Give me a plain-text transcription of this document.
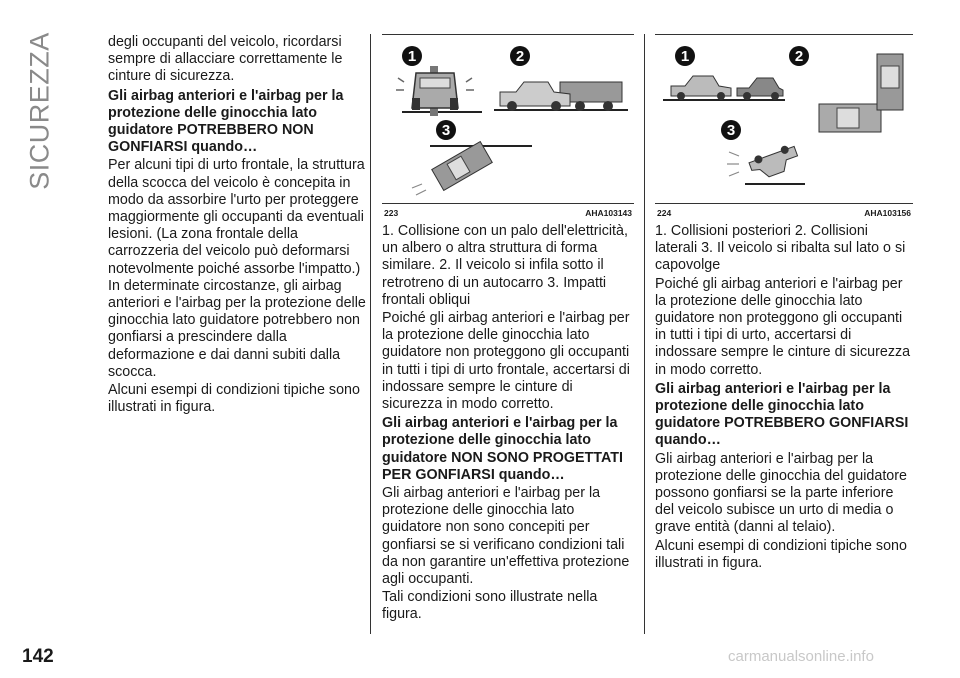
SICUREZZA	degli occupanti del veicolo, ricordarsi sempre di allacciare correttamente le cinture di sicurezza.

Gli airbag anteriori e l'airbag per la protezione delle ginocchia lato guidatore POTREBBERO NON GONFIARSI quando…

Per alcuni tipi di urto frontale, la struttura della scocca del veicolo è concepita in modo da assorbire l'urto per proteggere maggiormente gli occupanti da eventuali lesioni. (La zona frontale della carrozzeria del veicolo può deformarsi notevolmente poiché assorbe l'impatto.) In determinate circostanze, gli airbag anteriori e l'airbag per la protezione delle ginocchia lato guidatore potrebbero non gonfiarsi a prescindere dalla deformazione e dai danni subiti dalla scocca.

Alcuni esempi di condizioni tipiche sono illustrati in figura.

1	2
3
223	AHA103143

1. Collisione con un palo dell'elettricità, un albero o altra struttura di forma similare. 2. Il veicolo si infila sotto il retrotreno di un autocarro 3. Impatti frontali obliqui

Poiché gli airbag anteriori e l'airbag per la protezione delle ginocchia lato guidatore non proteggono gli occupanti in tutti i tipi di urto frontale, accertarsi di indossare sempre le cinture di sicurezza in modo corretto.

Gli airbag anteriori e l'airbag per la protezione delle ginocchia lato guidatore NON SONO PROGETTATI PER GONFIARSI quando…

Gli airbag anteriori e l'airbag per la protezione delle ginocchia lato guidatore non sono concepiti per gonfiarsi se si verificano condizioni tali da non garantire un'effettiva protezione agli occupanti.

Tali condizioni sono illustrate nella figura.

1	2
3
224	AHA103156

1. Collisioni posteriori 2. Collisioni laterali 3. Il veicolo si ribalta sul lato o si capovolge

Poiché gli airbag anteriori e l'airbag per la protezione delle ginocchia lato guidatore non proteggono gli occupanti in tutti i tipi di urto, accertarsi di indossare sempre le cinture di sicurezza in modo corretto.

Gli airbag anteriori e l'airbag per la protezione delle ginocchia lato guidatore POTREBBERO GONFIARSI quando…

Gli airbag anteriori e l'airbag per la protezione delle ginocchia del guidatore possono gonfiarsi se la parte inferiore del veicolo subisce un urto di media o grave entità (danni al telaio).

Alcuni esempi di condizioni tipiche sono illustrati in figura.

142	carmanualsonline.info
